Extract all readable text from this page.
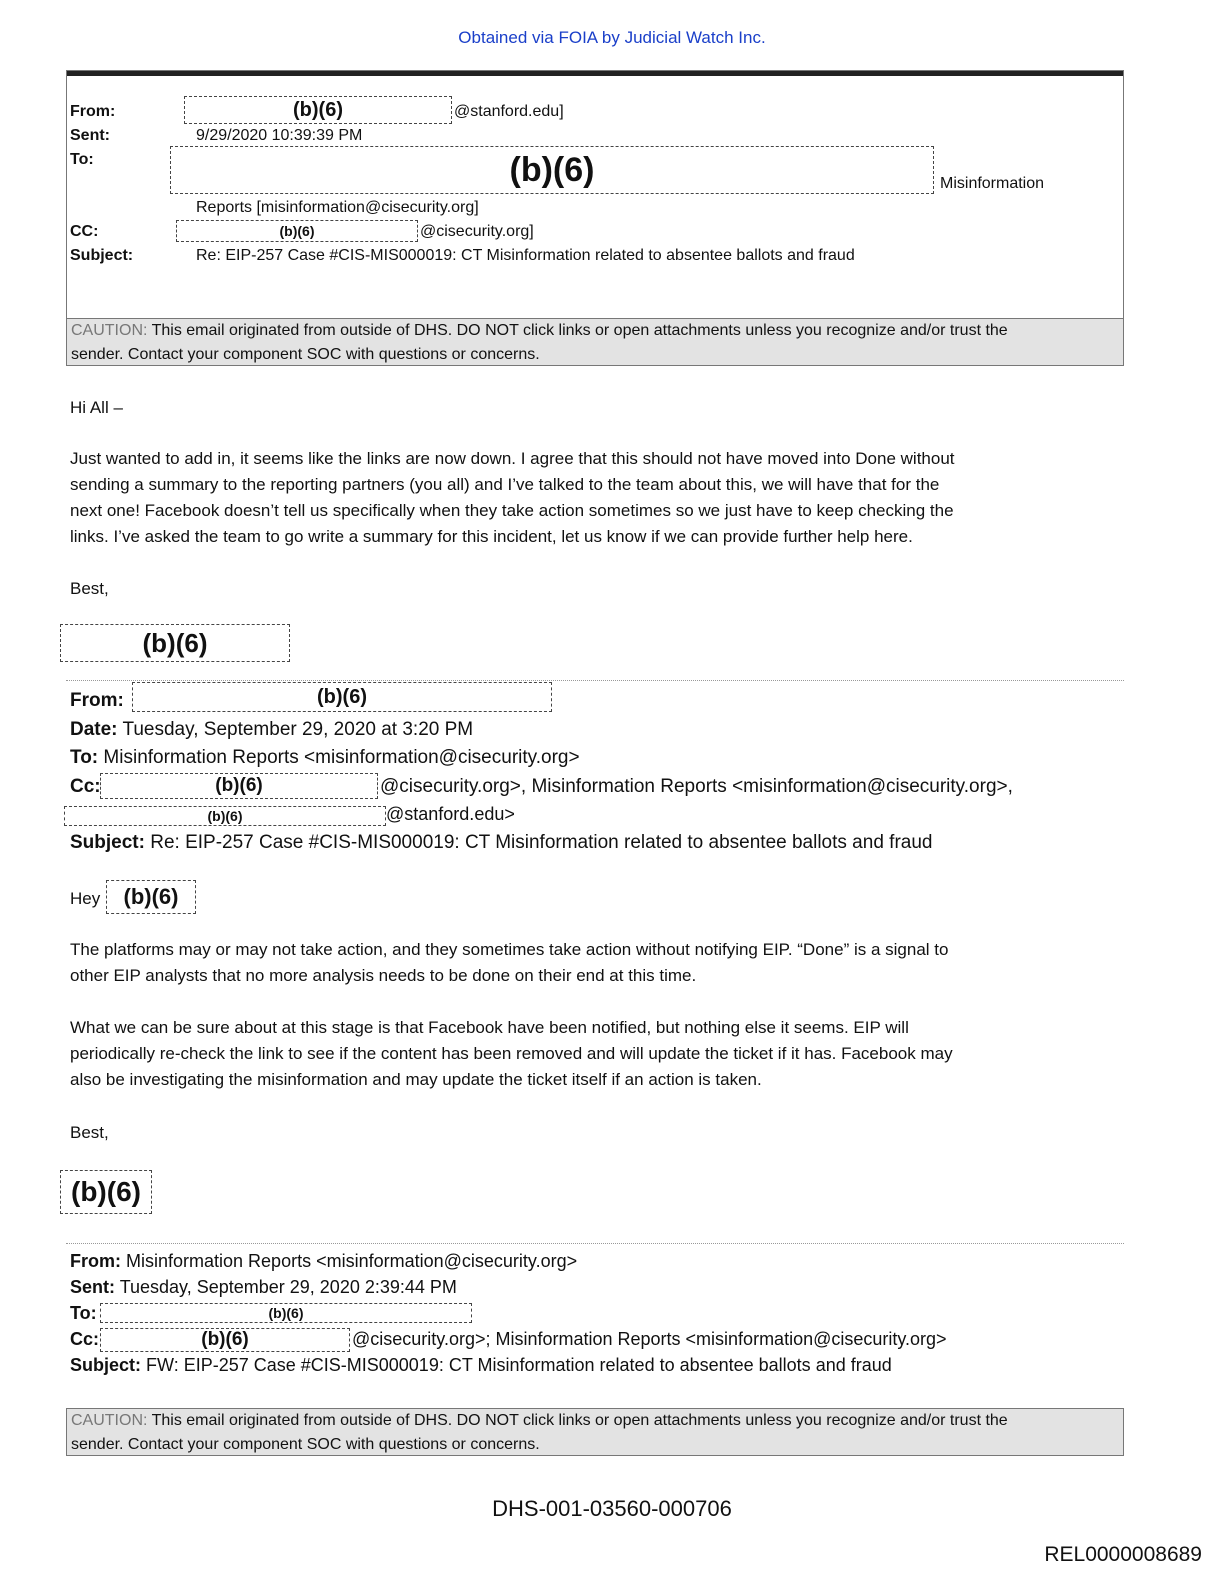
Obtained via FOIA by Judicial Watch Inc.
From:	(b)(6)	@stanford.edu]
Sent:	9/29/2020 10:39:39 PM
To:	(b)(6)	Misinformation
Reports [misinformation@cisecurity.org]
CC:	(b)(6)	@cisecurity.org]
Subject:	Re: EIP-257 Case #CIS-MIS000019: CT Misinformation related to absentee ballots and fraud
CAUTION: This email originated from outside of DHS. DO NOT click links or open attachments unless you recognize and/or trust the
sender. Contact your component SOC with questions or concerns.
Hi All –
Just wanted to add in, it seems like the links are now down. I agree that this should not have moved into Done without
sending a summary to the reporting partners (you all) and I’ve talked to the team about this, we will have that for the
next one! Facebook doesn’t tell us specifically when they take action sometimes so we just have to keep checking the
links. I’ve asked the team to go write a summary for this incident, let us know if we can provide further help here.
Best,
(b)(6)
From:	(b)(6)
Date: Tuesday, September 29, 2020 at 3:20 PM
To: Misinformation Reports <misinformation@cisecurity.org>
Cc:	(b)(6)	@cisecurity.org>, Misinformation Reports <misinformation@cisecurity.org>,
(b)(6)	@stanford.edu>
Subject: Re: EIP-257 Case #CIS-MIS000019: CT Misinformation related to absentee ballots and fraud
Hey (b)(6)
The platforms may or may not take action, and they sometimes take action without notifying EIP. “Done” is a signal to
other EIP analysts that no more analysis needs to be done on their end at this time.
What we can be sure about at this stage is that Facebook have been notified, but nothing else it seems. EIP will
periodically re-check the link to see if the content has been removed and will update the ticket if it has. Facebook may
also be investigating the misinformation and may update the ticket itself if an action is taken.
Best,
(b)(6)
From: Misinformation Reports <misinformation@cisecurity.org>
Sent: Tuesday, September 29, 2020 2:39:44 PM
To:	(b)(6)
Cc:	(b)(6)	@cisecurity.org>; Misinformation Reports <misinformation@cisecurity.org>
Subject: FW: EIP-257 Case #CIS-MIS000019: CT Misinformation related to absentee ballots and fraud
CAUTION: This email originated from outside of DHS. DO NOT click links or open attachments unless you recognize and/or trust the
sender. Contact your component SOC with questions or concerns.
DHS-001-03560-000706
REL0000008689
